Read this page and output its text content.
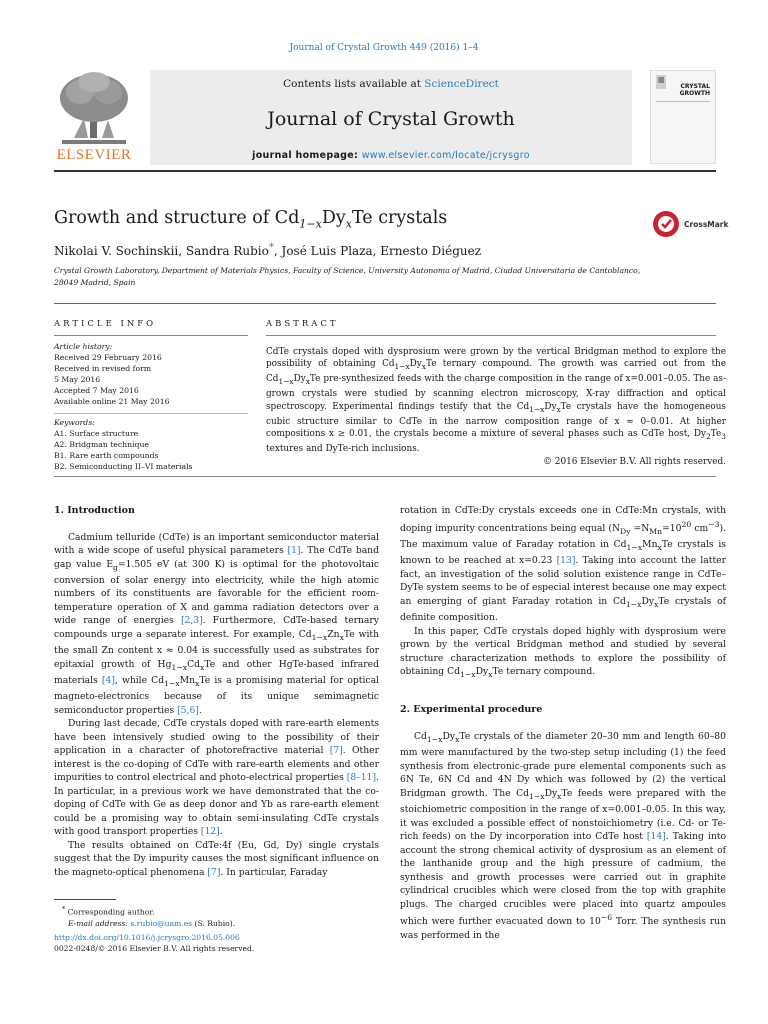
Journal of Crystal Growth 449 (2016) 1–4
ELSEVIER
Contents lists available at ScienceDirect
Journal of Crystal Growth
journal homepage: www.elsevier.com/locate/jcrysgro
CRYSTAL
GROWTH
Growth and structure of $Cd_{1-x}Dy_xTe$ crystals	CrossMark
Nikolai V. Sochinskii, Sandra Rubio*, José Luis Plaza, Ernesto Diéguez
Crystal Growth Laboratory, Department of Materials Physics, Faculty of Science, University Autonoma of Madrid, Ciudad Universitaria de Cantoblanco, 28049 Madrid, Spain
ARTICLE INFO	ABSTRACT
Article history:
Received 29 February 2016
Received in revised form
5 May 2016
Accepted 7 May 2016
Available online 21 May 2016
Keywords:
A1. Surface structure
A2. Bridgman technique
B1. Rare earth compounds
B2. Semiconducting II–VI materials
CdTe crystals doped with dysprosium were grown by the vertical Bridgman method to explore the possibility of obtaining $Cd_{1-x}Dy_xTe$ ternary compound. The growth was carried out from the $Cd_{1-x}Dy_xTe$ pre-synthesized feeds with the charge composition in the range of x=0.001–0.05. The as-grown crystals were studied by scanning electron microscopy, X-ray diffraction and optical spectroscopy. Experimental findings testify that the $Cd_{1-x}Dy_xTe$ crystals have the homogeneous cubic structure similar to CdTe in the narrow composition range of x ≈ 0–0.01. At higher compositions x ≥ 0.01, the crystals become a mixture of several phases such as CdTe host, $Dy_2Te_3$ textures and DyTe-rich inclusions.
© 2016 Elsevier B.V. All rights reserved.
1. Introduction

Cadmium telluride (CdTe) is an important semiconductor material with a wide scope of useful physical parameters [1]. The CdTe band gap value $E_g=1.505$ eV (at 300 K) is optimal for the photovoltaic conversion of solar energy into electricity, while the high atomic numbers of its constituents are favorable for the efficient room-temperature operation of X and gamma radiation detectors over a wide range of energies [2,3]. Furthermore, CdTe-based ternary compounds urge a separate interest. For example, $Cd_{1-x}Zn_xTe$ with the small Zn content x ≈ 0.04 is successfully used as substrates for epitaxial growth of $Hg_{1-x}Cd_xTe$ and other HgTe-based infrared materials [4], while $Cd_{1-x}Mn_xTe$ is a promising material for optical magneto-electronics because of its unique semimagnetic semiconductor properties [5,6].

During last decade, CdTe crystals doped with rare-earth elements have been intensively studied owing to the possibility of their application in a character of photorefractive material [7]. Other interest is the co-doping of CdTe with rare-earth elements and other impurities to control electrical and photo-electrical properties [8–11]. In particular, in a previous work we have demonstrated that the co-doping of CdTe with Ge as deep donor and Yb as rare-earth element could be a promising way to obtain semi-insulating CdTe crystals with good transport properties [12].

The results obtained on CdTe:4f (Eu, Gd, Dy) single crystals suggest that the Dy impurity causes the most significant influence on the magneto-optical phenomena [7]. In particular, Faraday

* Corresponding author.
E-mail address: s.rubio@uam.es (S. Rubio).
http://dx.doi.org/10.1016/j.jcrysgro.2016.05.006
0022-0248/© 2016 Elsevier B.V. All rights reserved.

rotation in CdTe:Dy crystals exceeds one in CdTe:Mn crystals, with doping impurity concentrations being equal ($N_{Dy} =N_{Mn}=10^{20}$ $cm^{-3}$). The maximum value of Faraday rotation in $Cd_{1-x}Mn_xTe$ crystals is known to be reached at x=0.23 [13]. Taking into account the latter fact, an investigation of the solid solution existence range in CdTe–DyTe system seems to be of especial interest because one may expect an emerging of giant Faraday rotation in $Cd_{1-x}Dy_xTe$ crystals of definite composition.

In this paper, CdTe crystals doped highly with dysprosium were grown by the vertical Bridgman method and studied by several structure characterization methods to explore the possibility of obtaining $Cd_{1-x}Dy_xTe$ ternary compound.

2. Experimental procedure

$Cd_{1-x}Dy_xTe$ crystals of the diameter 20–30 mm and length 60–80 mm were manufactured by the two-step setup including (1) the feed synthesis from electronic-grade pure elemental components such as 6N Te, 6N Cd and 4N Dy which was followed by (2) the vertical Bridgman growth. The $Cd_{1-x}Dy_xTe$ feeds were prepared with the stoichiometric composition in the range of x=0.001–0.05. In this way, it was excluded a possible effect of nonstoichiometry (i.e. Cd- or Te-rich feeds) on the Dy incorporation into CdTe host [14]. Taking into account the strong chemical activity of dysprosium as an element of the lanthanide group and the high pressure of cadmium, the synthesis and growth processes were carried out in graphite cylindrical crucibles which were closed from the top with graphite plugs. The charged crucibles were placed into quartz ampoules which were further evacuated down to $10^{-6}$ Torr. The synthesis run was performed in the
